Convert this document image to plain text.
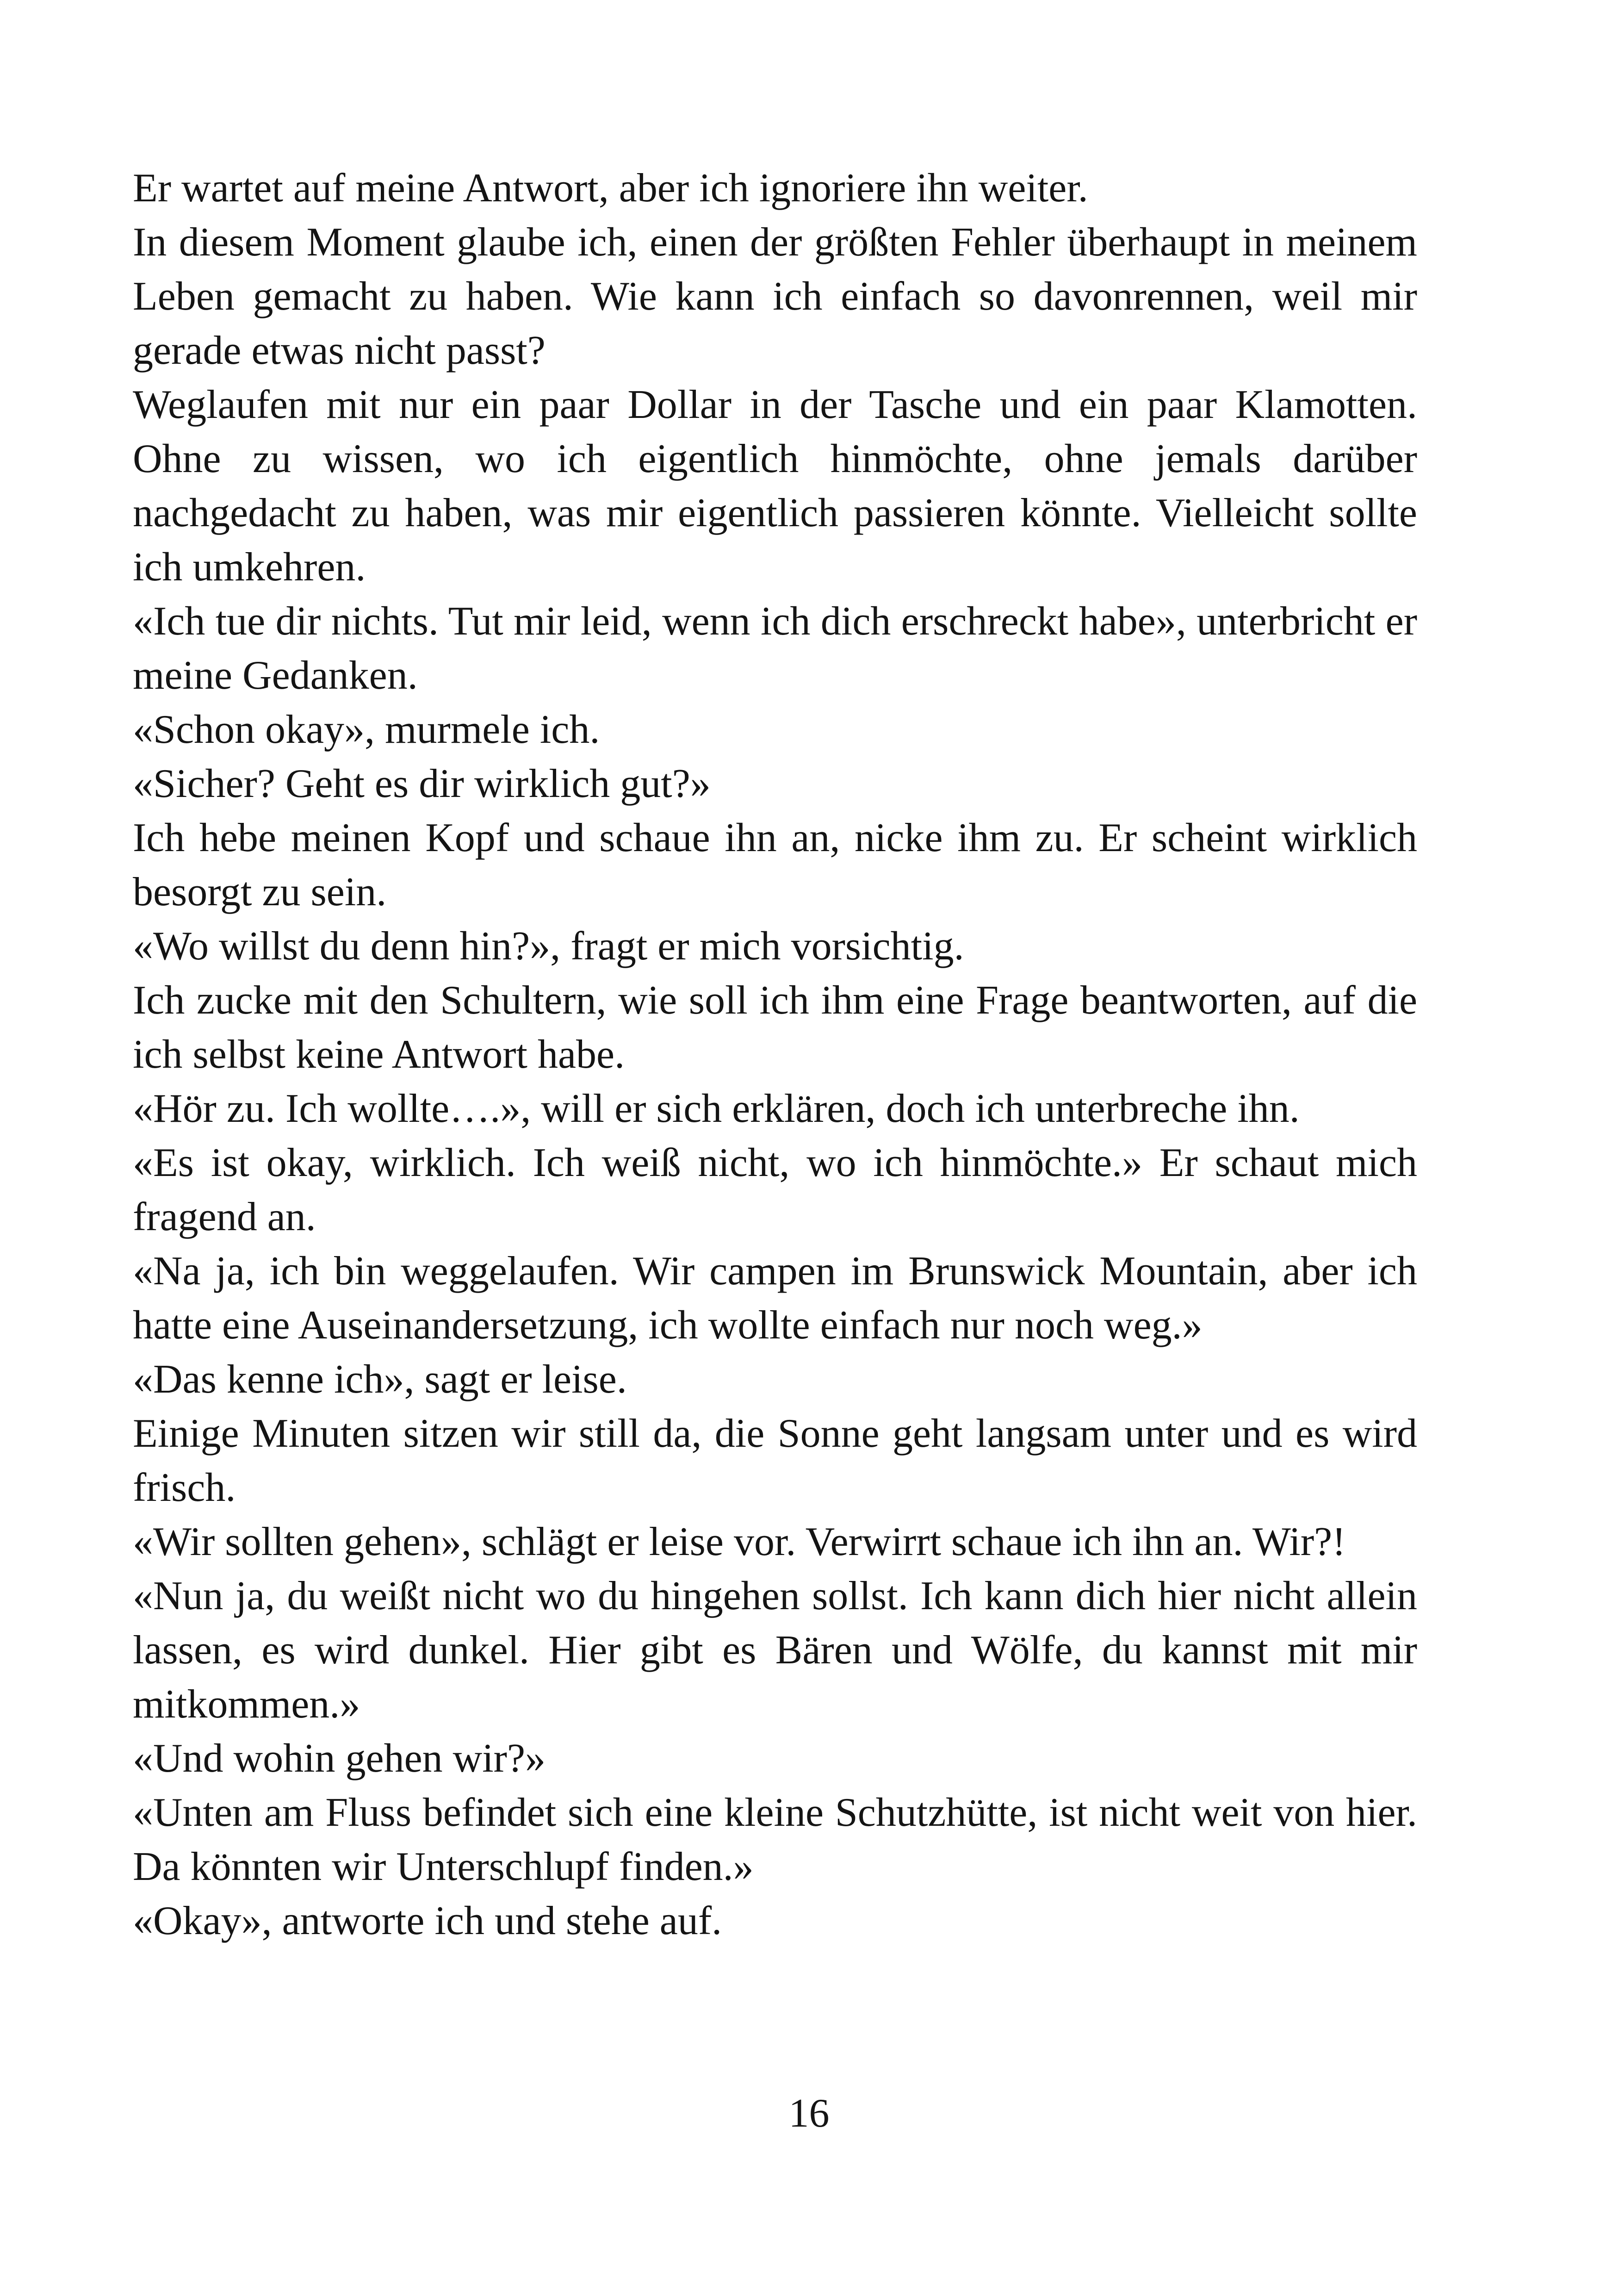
Er wartet auf meine Antwort, aber ich ignoriere ihn weiter.

In diesem Moment glaube ich, einen der größten Fehler überhaupt in meinem Leben gemacht zu haben. Wie kann ich einfach so davonrennen, weil mir gerade etwas nicht passt?

Weglaufen mit nur ein paar Dollar in der Tasche und ein paar Klamotten. Ohne zu wissen, wo ich eigentlich hinmöchte, ohne jemals darüber nachgedacht zu haben, was mir eigentlich passieren könnte. Vielleicht sollte ich umkehren.

«Ich tue dir nichts. Tut mir leid, wenn ich dich erschreckt habe», unterbricht er meine Gedanken.

«Schon okay», murmele ich.

«Sicher? Geht es dir wirklich gut?»

Ich hebe meinen Kopf und schaue ihn an, nicke ihm zu. Er scheint wirklich besorgt zu sein.

«Wo willst du denn hin?», fragt er mich vorsichtig.

Ich zucke mit den Schultern, wie soll ich ihm eine Frage beantworten, auf die ich selbst keine Antwort habe.

«Hör zu. Ich wollte….», will er sich erklären, doch ich unterbreche ihn.

«Es ist okay, wirklich. Ich weiß nicht, wo ich hinmöchte.» Er schaut mich fragend an.

«Na ja, ich bin weggelaufen. Wir campen im Brunswick Mountain, aber ich hatte eine Auseinandersetzung, ich wollte einfach nur noch weg.»

«Das kenne ich», sagt er leise.

Einige Minuten sitzen wir still da, die Sonne geht langsam unter und es wird frisch.

«Wir sollten gehen», schlägt er leise vor. Verwirrt schaue ich ihn an. Wir?!

«Nun ja, du weißt nicht wo du hingehen sollst. Ich kann dich hier nicht allein lassen, es wird dunkel. Hier gibt es Bären und Wölfe, du kannst mit mir mitkommen.»

«Und wohin gehen wir?»

«Unten am Fluss befindet sich eine kleine Schutzhütte, ist nicht weit von hier. Da könnten wir Unterschlupf finden.»

«Okay», antworte ich und stehe auf.

16
